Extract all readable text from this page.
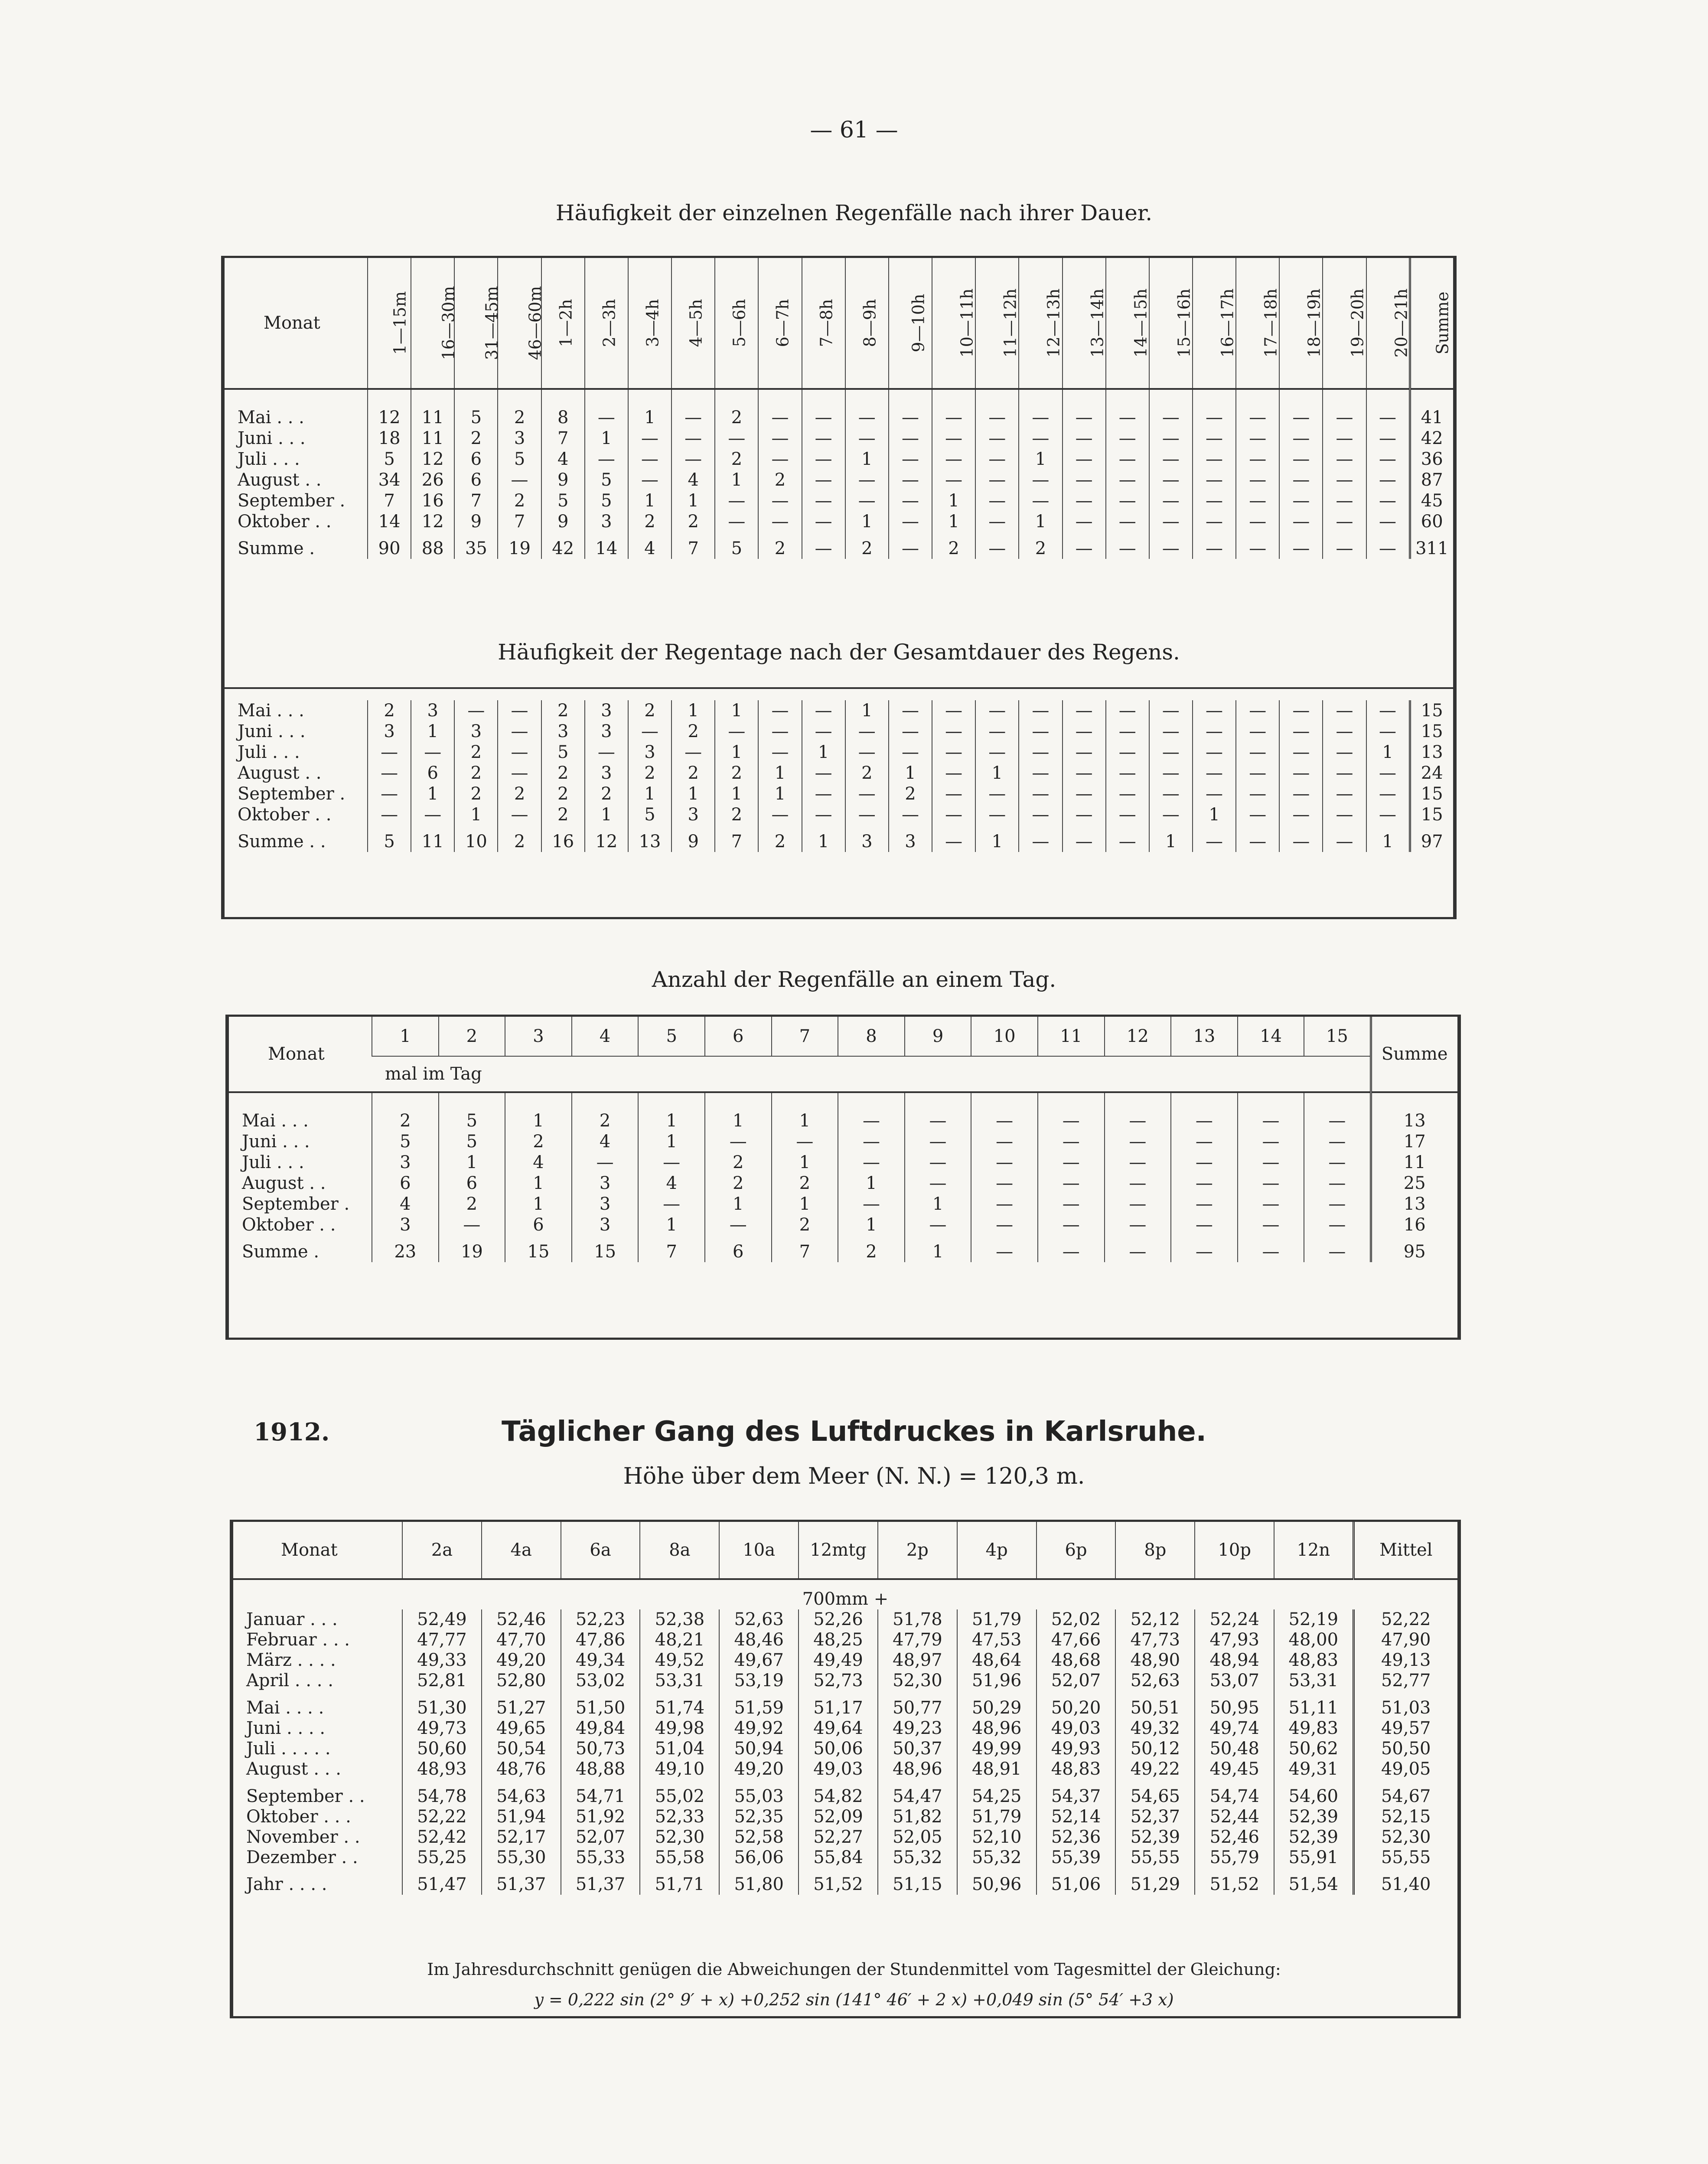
— 61 —
Häufigkeit der einzelnen Regenfälle nach ihrer Dauer.
Monat	1—15m	16—30m	31—45m	46—60m	1—2h	2—3h	3—4h	4—5h	5—6h	6—7h	7—8h	8—9h	9—10h	10—11h	11—12h	12—13h	13—14h	14—15h	15—16h	16—17h	17—18h	18—19h	19—20h	20—21h	Summe
Mai . . .	12	11	5	2	8	—	1	—	2	—	—	—	—	—	—	—	—	—	—	—	—	—	—	—	41
Juni . . .	18	11	2	3	7	1	—	—	—	—	—	—	—	—	—	—	—	—	—	—	—	—	—	—	42
Juli . . .	5	12	6	5	4	—	—	—	2	—	—	1	—	—	—	1	—	—	—	—	—	—	—	—	36
August . .	34	26	6	—	9	5	—	4	1	2	—	—	—	—	—	—	—	—	—	—	—	—	—	—	87
September .	7	16	7	2	5	5	1	1	—	—	—	—	—	1	—	—	—	—	—	—	—	—	—	—	45
Oktober . .	14	12	9	7	9	3	2	2	—	—	—	1	—	1	—	1	—	—	—	—	—	—	—	—	60
Summe .	90	88	35	19	42	14	4	7	5	2	—	2	—	2	—	2	—	—	—	—	—	—	—	—	311
Häufigkeit der Regentage nach der Gesamtdauer des Regens.
Mai . . .	2	3	—	—	2	3	2	1	1	—	—	1	—	—	—	—	—	—	—	—	—	—	—	—	15
Juni . . .	3	1	3	—	3	3	—	2	—	—	—	—	—	—	—	—	—	—	—	—	—	—	—	—	15
Juli . . .	—	—	2	—	5	—	3	—	1	—	1	—	—	—	—	—	—	—	—	—	—	—	—	1	13
August . .	—	6	2	—	2	3	2	2	2	1	—	2	1	—	1	—	—	—	—	—	—	—	—	—	24
September .	—	1	2	2	2	2	1	1	1	1	—	—	2	—	—	—	—	—	—	—	—	—	—	—	15
Oktober . .	—	—	1	—	2	1	5	3	2	—	—	—	—	—	—	—	—	—	—	1	—	—	—	—	15
Summe . .	5	11	10	2	16	12	13	9	7	2	1	3	3	—	1	—	—	—	1	—	—	—	—	1	97
Anzahl der Regenfälle an einem Tag.
Monat	1	2	3	4	5	6	7	8	9	10	11	12	13	14	15	Summe
	mal im Tag															
Mai . . .	2	5	1	2	1	1	1	—	—	—	—	—	—	—	—	13
Juni . . .	5	5	2	4	1	—	—	—	—	—	—	—	—	—	—	17
Juli . . .	3	1	4	—	—	2	1	—	—	—	—	—	—	—	—	11
August . .	6	6	1	3	4	2	2	1	—	—	—	—	—	—	—	25
September .	4	2	1	3	—	1	1	—	1	—	—	—	—	—	—	13
Oktober . .	3	—	6	3	1	—	2	1	—	—	—	—	—	—	—	16
Summe .	23	19	15	15	7	6	7	2	1	—	—	—	—	—	—	95
1912.	Täglicher Gang des Luftdruckes in Karlsruhe.
Höhe über dem Meer (N. N.) = 120,3 m.
Monat	2a	4a	6a	8a	10a	12mtg	2p	4p	6p	8p	10p	12n	Mittel
700mm +													
Januar . . .	52,49	52,46	52,23	52,38	52,63	52,26	51,78	51,79	52,02	52,12	52,24	52,19	52,22
Februar . . .	47,77	47,70	47,86	48,21	48,46	48,25	47,79	47,53	47,66	47,73	47,93	48,00	47,90
März . . . .	49,33	49,20	49,34	49,52	49,67	49,49	48,97	48,64	48,68	48,90	48,94	48,83	49,13
April . . . .	52,81	52,80	53,02	53,31	53,19	52,73	52,30	51,96	52,07	52,63	53,07	53,31	52,77
Mai . . . .	51,30	51,27	51,50	51,74	51,59	51,17	50,77	50,29	50,20	50,51	50,95	51,11	51,03
Juni . . . .	49,73	49,65	49,84	49,98	49,92	49,64	49,23	48,96	49,03	49,32	49,74	49,83	49,57
Juli . . . . .	50,60	50,54	50,73	51,04	50,94	50,06	50,37	49,99	49,93	50,12	50,48	50,62	50,50
August . . .	48,93	48,76	48,88	49,10	49,20	49,03	48,96	48,91	48,83	49,22	49,45	49,31	49,05
September . .	54,78	54,63	54,71	55,02	55,03	54,82	54,47	54,25	54,37	54,65	54,74	54,60	54,67
Oktober . . .	52,22	51,94	51,92	52,33	52,35	52,09	51,82	51,79	52,14	52,37	52,44	52,39	52,15
November . .	52,42	52,17	52,07	52,30	52,58	52,27	52,05	52,10	52,36	52,39	52,46	52,39	52,30
Dezember . .	55,25	55,30	55,33	55,58	56,06	55,84	55,32	55,32	55,39	55,55	55,79	55,91	55,55
Jahr . . . .	51,47	51,37	51,37	51,71	51,80	51,52	51,15	50,96	51,06	51,29	51,52	51,54	51,40
Im Jahresdurchschnitt genügen die Abweichungen der Stundenmittel vom Tagesmittel der Gleichung:
y = 0,222 sin (2° 9′ + x) +0,252 sin (141° 46′ + 2 x) +0,049 sin (5° 54′ +3 x)
